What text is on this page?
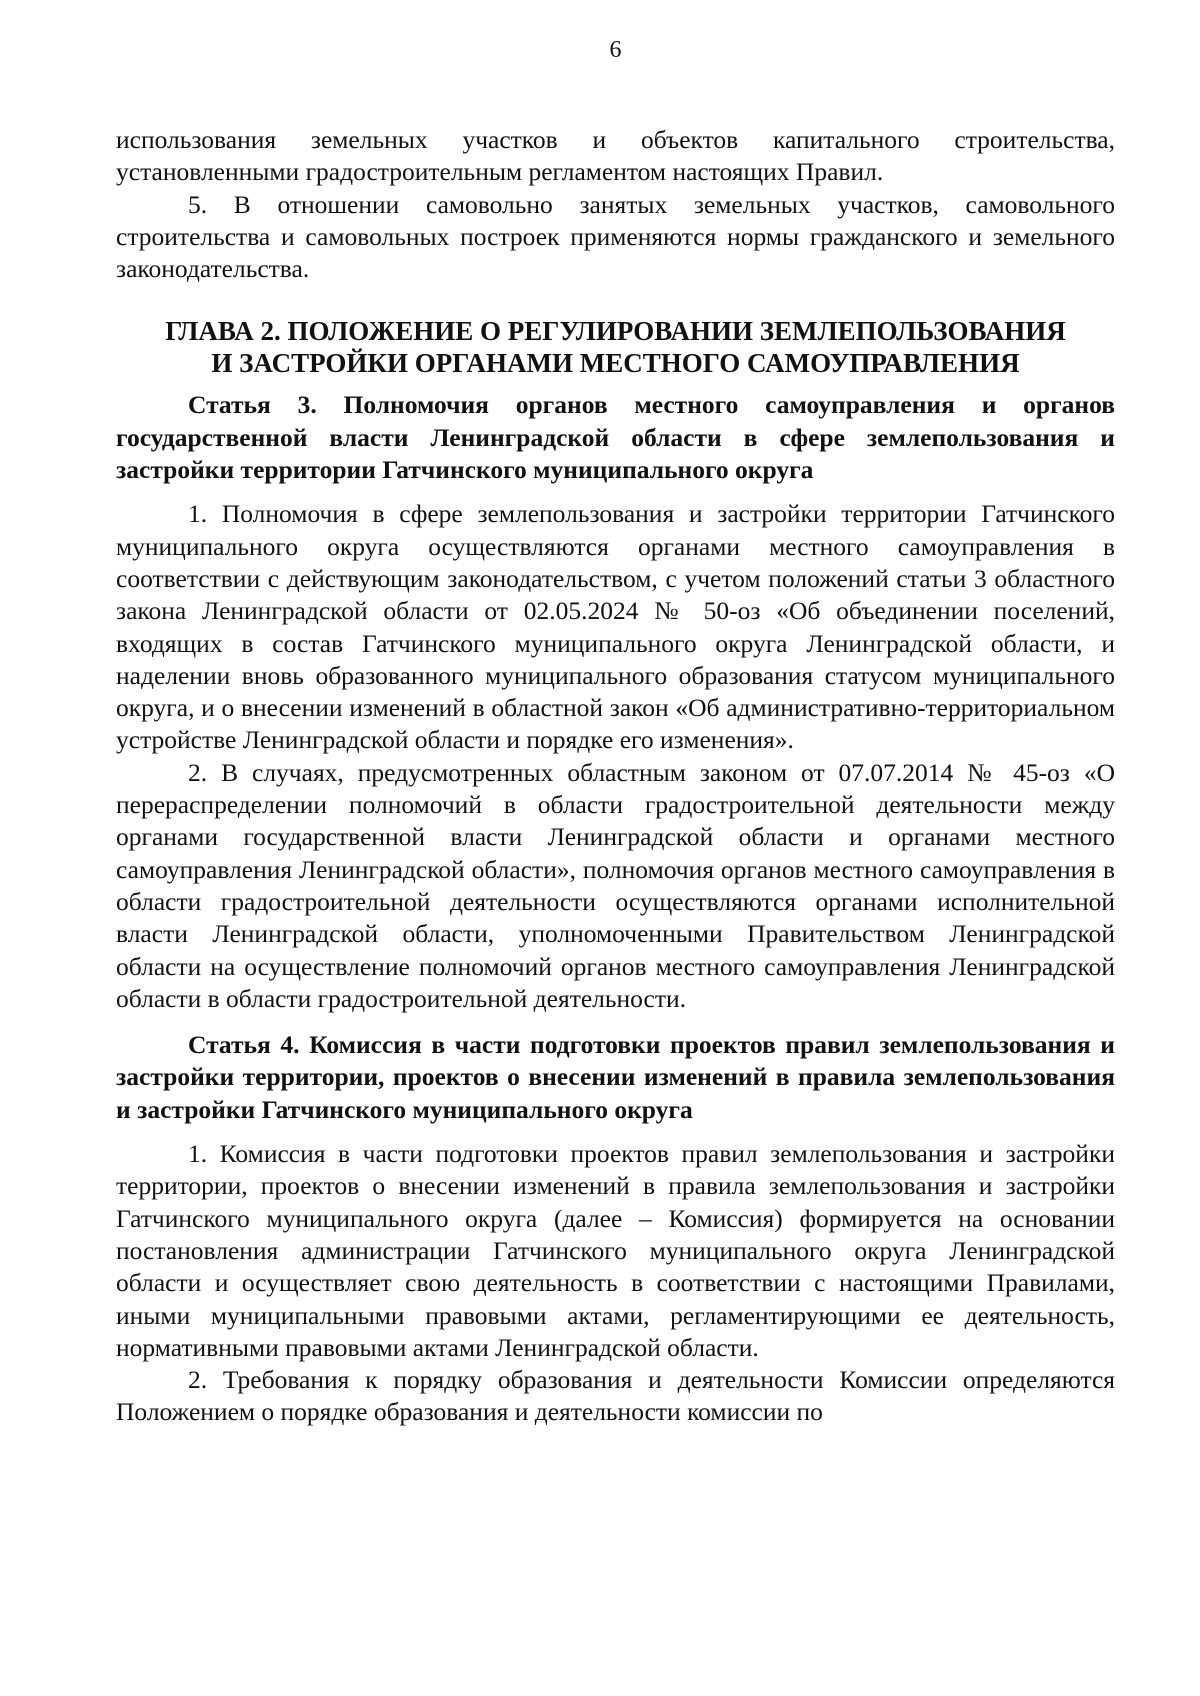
6

использования земельных участков и объектов капитального строительства, установленными градостроительным регламентом настоящих Правил.

5. В отношении самовольно занятых земельных участков, самовольного строительства и самовольных построек применяются нормы гражданского и земельного законодательства.

ГЛАВА 2. ПОЛОЖЕНИЕ О РЕГУЛИРОВАНИИ ЗЕМЛЕПОЛЬЗОВАНИЯ
И ЗАСТРОЙКИ ОРГАНАМИ МЕСТНОГО САМОУПРАВЛЕНИЯ

Статья 3. Полномочия органов местного самоуправления и органов государственной власти Ленинградской области в сфере землепользования и застройки территории Гатчинского муниципального округа

1. Полномочия в сфере землепользования и застройки территории Гатчинского муниципального округа осуществляются органами местного самоуправления в соответствии с действующим законодательством, с учетом положений статьи 3 областного закона Ленинградской области от 02.05.2024 № 50-оз «Об объединении поселений, входящих в состав Гатчинского муниципального округа Ленинградской области, и наделении вновь образованного муниципального образования статусом муниципального округа, и о внесении изменений в областной закон «Об административно-территориальном устройстве Ленинградской области и порядке его изменения».

2. В случаях, предусмотренных областным законом от 07.07.2014 № 45-оз «О перераспределении полномочий в области градостроительной деятельности между органами государственной власти Ленинградской области и органами местного самоуправления Ленинградской области», полномочия органов местного самоуправления в области градостроительной деятельности осуществляются органами исполнительной власти Ленинградской области, уполномоченными Правительством Ленинградской области на осуществление полномочий органов местного самоуправления Ленинградской области в области градостроительной деятельности.

Статья 4. Комиссия в части подготовки проектов правил землепользования и застройки территории, проектов о внесении изменений в правила землепользования и застройки Гатчинского муниципального округа

1. Комиссия в части подготовки проектов правил землепользования и застройки территории, проектов о внесении изменений в правила землепользования и застройки Гатчинского муниципального округа (далее – Комиссия) формируется на основании постановления администрации Гатчинского муниципального округа Ленинградской области и осуществляет свою деятельность в соответствии с настоящими Правилами, иными муниципальными правовыми актами, регламентирующими ее деятельность, нормативными правовыми актами Ленинградской области.

2. Требования к порядку образования и деятельности Комиссии определяются Положением о порядке образования и деятельности комиссии по
